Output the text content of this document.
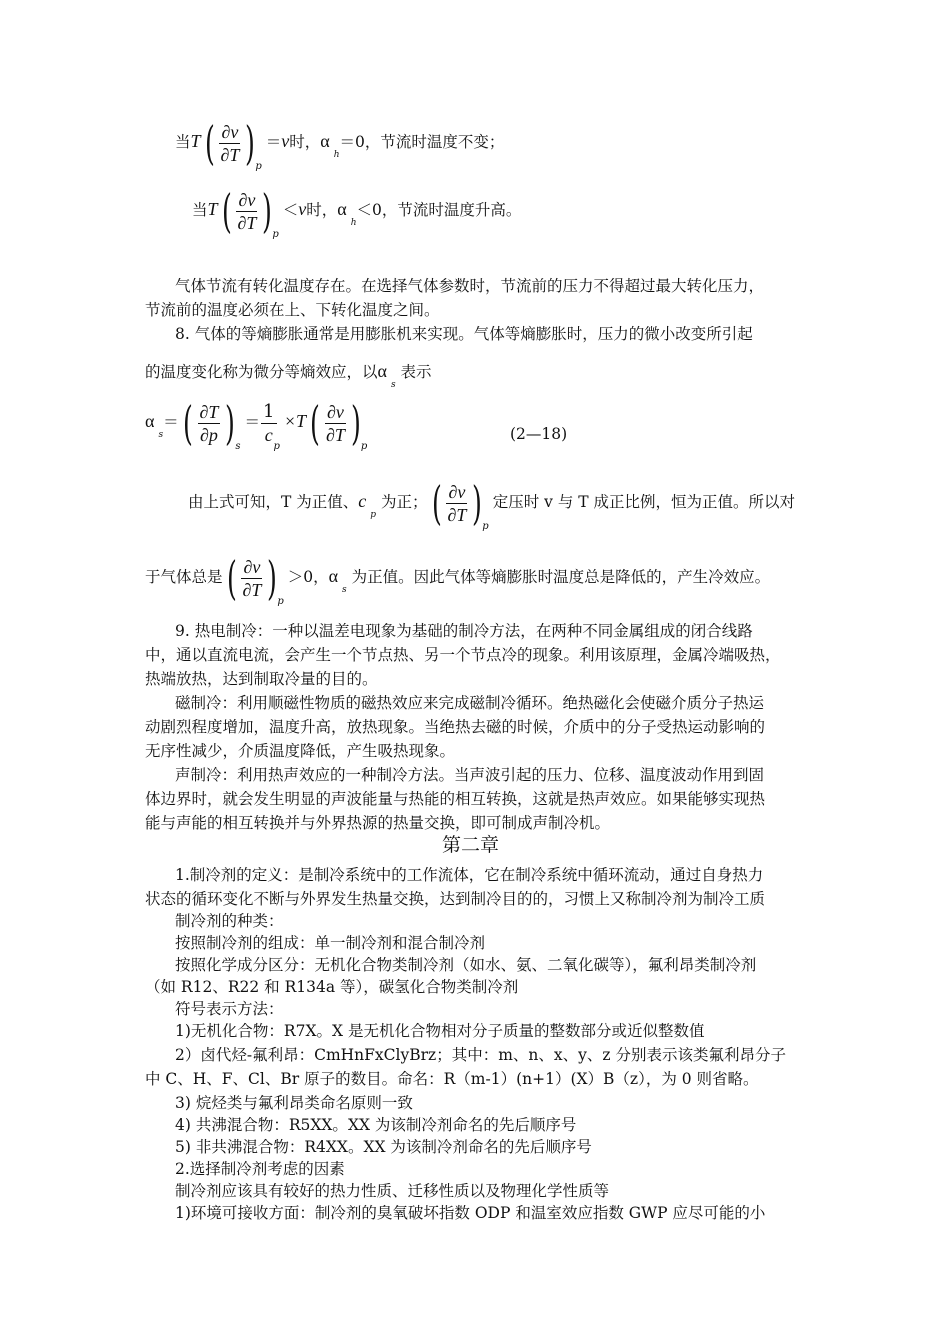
当$T( \frac{\partial v}{\partial T} )_p=v$时，$\alpha_h=0$，节流时温度不变；
当$T( \frac{\partial v}{\partial T} )_p<v$时，$\alpha_h<0$，节流时温度升高。
气体节流有转化温度存在。在选择气体参数时，节流前的压力不得超过最大转化压力，
节流前的温度必须在上、下转化温度之间。
8. 气体的等熵膨胀通常是用膨胀机来实现。气体等熵膨胀时，压力的微小改变所引起
的温度变化称为微分等熵效应，以$\alpha_s$ 表示
$\alpha_s=( \frac{\partial T}{\partial p} )_s= \frac{1}{c}$
$_p\times T( \frac{\partial v}{\partial T} )_p$
(2—18)
由上式可知，T 为正值、$c_p$ 为正；( $\frac{\partial v}{\partial T} )_p$定压时 v 与 T 成正比例，恒为正值。所以对
于气体总是( $\frac{\partial v}{\partial T} )_p>0$，$\alpha_s$ 为正值。因此气体等熵膨胀时温度总是降低的，产生冷效应。
9. 热电制冷：一种以温差电现象为基础的制冷方法，在两种不同金属组成的闭合线路
中，通以直流电流，会产生一个节点热、另一个节点冷的现象。利用该原理，金属冷端吸热，
热端放热，达到制取冷量的目的。
磁制冷：利用顺磁性物质的磁热效应来完成磁制冷循环。绝热磁化会使磁介质分子热运
动剧烈程度增加，温度升高，放热现象。当绝热去磁的时候，介质中的分子受热运动影响的
无序性减少，介质温度降低，产生吸热现象。
声制冷：利用热声效应的一种制冷方法。当声波引起的压力、位移、温度波动作用到固
体边界时，就会发生明显的声波能量与热能的相互转换，这就是热声效应。如果能够实现热
能与声能的相互转换并与外界热源的热量交换，即可制成声制冷机。
第二章
1.制冷剂的定义：是制冷系统中的工作流体，它在制冷系统中循环流动，通过自身热力
状态的循环变化不断与外界发生热量交换，达到制冷目的的，习惯上又称制冷剂为制冷工质
制冷剂的种类：
按照制冷剂的组成：单一制冷剂和混合制冷剂
按照化学成分区分：无机化合物类制冷剂（如水、氨、二氧化碳等），氟利昂类制冷剂
（如 R12、R22 和 R134a 等），碳氢化合物类制冷剂
符号表示方法：
1)无机化合物：R7X。X 是无机化合物相对分子质量的整数部分或近似整数值
2）卤代烃-氟利昂：CmHnFxClyBrz；其中：m、n、x、y、z 分别表示该类氟利昂分子
中 C、H、F、Cl、Br 原子的数目。命名：R（m-1）(n+1）(X）B（z），为 0 则省略。
3) 烷烃类与氟利昂类命名原则一致
4) 共沸混合物：R5XX。XX 为该制冷剂命名的先后顺序号
5) 非共沸混合物：R4XX。XX 为该制冷剂命名的先后顺序号
2.选择制冷剂考虑的因素
制冷剂应该具有较好的热力性质、迁移性质以及物理化学性质等
1)环境可接收方面：制冷剂的臭氧破坏指数 ODP 和温室效应指数 GWP 应尽可能的小
